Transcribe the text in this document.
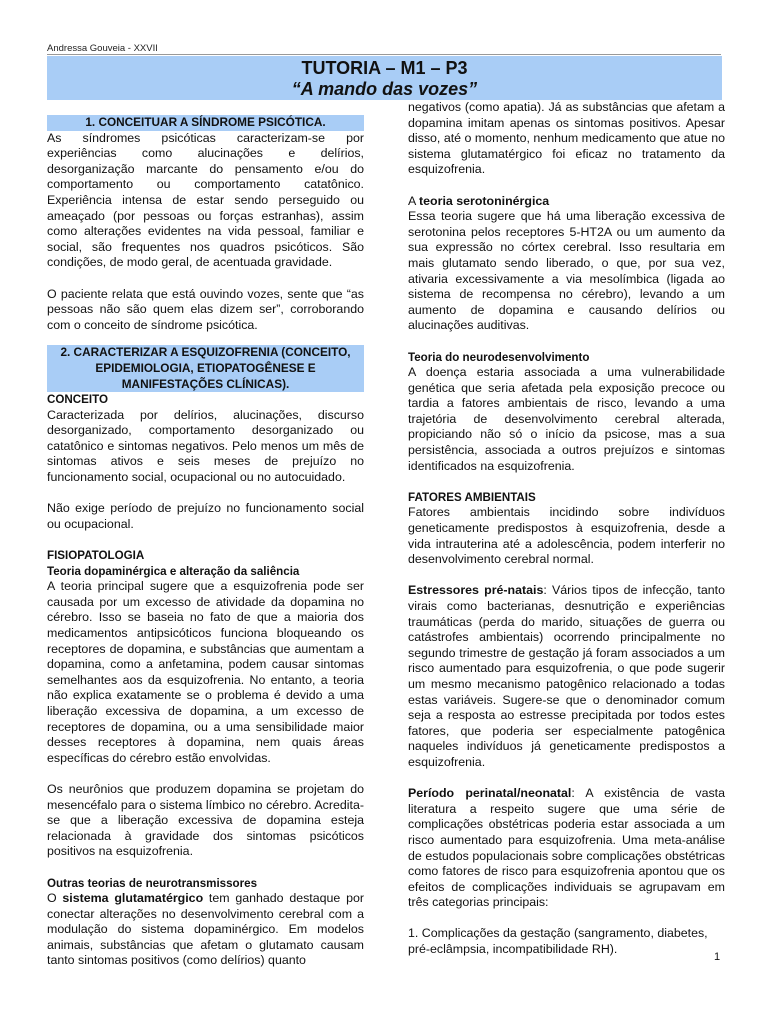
Andressa Gouveia - XXVII
TUTORIA – M1 – P3
“A mando das vozes”
1. CONCEITUAR A SÍNDROME PSICÓTICA.

As síndromes psicóticas caracterizam-se por experiências como alucinações e delírios, desorganização marcante do pensamento e/ou do comportamento ou comportamento catatônico. Experiência intensa de estar sendo perseguido ou ameaçado (por pessoas ou forças estranhas), assim como alterações evidentes na vida pessoal, familiar e social, são frequentes nos quadros psicóticos. São condições, de modo geral, de acentuada gravidade.

O paciente relata que está ouvindo vozes, sente que “as pessoas não são quem elas dizem ser”, corroborando com o conceito de síndrome psicótica.

2. CARACTERIZAR A ESQUIZOFRENIA (CONCEITO, EPIDEMIOLOGIA, ETIOPATOGÊNESE E MANIFESTAÇÕES CLÍNICAS).

CONCEITO

Caracterizada por delírios, alucinações, discurso desorganizado, comportamento desorganizado ou catatônico e sintomas negativos. Pelo menos um mês de sintomas ativos e seis meses de prejuízo no funcionamento social, ocupacional ou no autocuidado.

Não exige período de prejuízo no funcionamento social ou ocupacional.

FISIOPATOLOGIA

Teoria dopaminérgica e alteração da saliência

A teoria principal sugere que a esquizofrenia pode ser causada por um excesso de atividade da dopamina no cérebro. Isso se baseia no fato de que a maioria dos medicamentos antipsicóticos funciona bloqueando os receptores de dopamina, e substâncias que aumentam a dopamina, como a anfetamina, podem causar sintomas semelhantes aos da esquizofrenia. No entanto, a teoria não explica exatamente se o problema é devido a uma liberação excessiva de dopamina, a um excesso de receptores de dopamina, ou a uma sensibilidade maior desses receptores à dopamina, nem quais áreas específicas do cérebro estão envolvidas.

Os neurônios que produzem dopamina se projetam do mesencéfalo para o sistema límbico no cérebro. Acredita-se que a liberação excessiva de dopamina esteja relacionada à gravidade dos sintomas psicóticos positivos na esquizofrenia.

Outras teorias de neurotransmissores

O sistema glutamatérgico tem ganhado destaque por conectar alterações no desenvolvimento cerebral com a modulação do sistema dopaminérgico. Em modelos animais, substâncias que afetam o glutamato causam tanto sintomas positivos (como delírios) quanto

negativos (como apatia). Já as substâncias que afetam a dopamina imitam apenas os sintomas positivos. Apesar disso, até o momento, nenhum medicamento que atue no sistema glutamatérgico foi eficaz no tratamento da esquizofrenia.

A teoria serotoninérgica

Essa teoria sugere que há uma liberação excessiva de serotonina pelos receptores 5-HT2A ou um aumento da sua expressão no córtex cerebral. Isso resultaria em mais glutamato sendo liberado, o que, por sua vez, ativaria excessivamente a via mesolímbica (ligada ao sistema de recompensa no cérebro), levando a um aumento de dopamina e causando delírios ou alucinações auditivas.

Teoria do neurodesenvolvimento

A doença estaria associada a uma vulnerabilidade genética que seria afetada pela exposição precoce ou tardia a fatores ambientais de risco, levando a uma trajetória de desenvolvimento cerebral alterada, propiciando não só o início da psicose, mas a sua persistência, associada a outros prejuízos e sintomas identificados na esquizofrenia.

FATORES AMBIENTAIS

Fatores ambientais incidindo sobre indivíduos geneticamente predispostos à esquizofrenia, desde a vida intrauterina até a adolescência, podem interferir no desenvolvimento cerebral normal.

Estressores pré-natais: Vários tipos de infecção, tanto virais como bacterianas, desnutrição e experiências traumáticas (perda do marido, situações de guerra ou catástrofes ambientais) ocorrendo principalmente no segundo trimestre de gestação já foram associados a um risco aumentado para esquizofrenia, o que pode sugerir um mesmo mecanismo patogênico relacionado a todas estas variáveis. Sugere-se que o denominador comum seja a resposta ao estresse precipitada por todos estes fatores, que poderia ser especialmente patogênica naqueles indivíduos já geneticamente predispostos a esquizofrenia.

Período perinatal/neonatal: A existência de vasta literatura a respeito sugere que uma série de complicações obstétricas poderia estar associada a um risco aumentado para esquizofrenia. Uma meta-análise de estudos populacionais sobre complicações obstétricas como fatores de risco para esquizofrenia apontou que os efeitos de complicações individuais se agrupavam em três categorias principais:

1. Complicações da gestação (sangramento, diabetes, pré-eclâmpsia, incompatibilidade RH).

1
